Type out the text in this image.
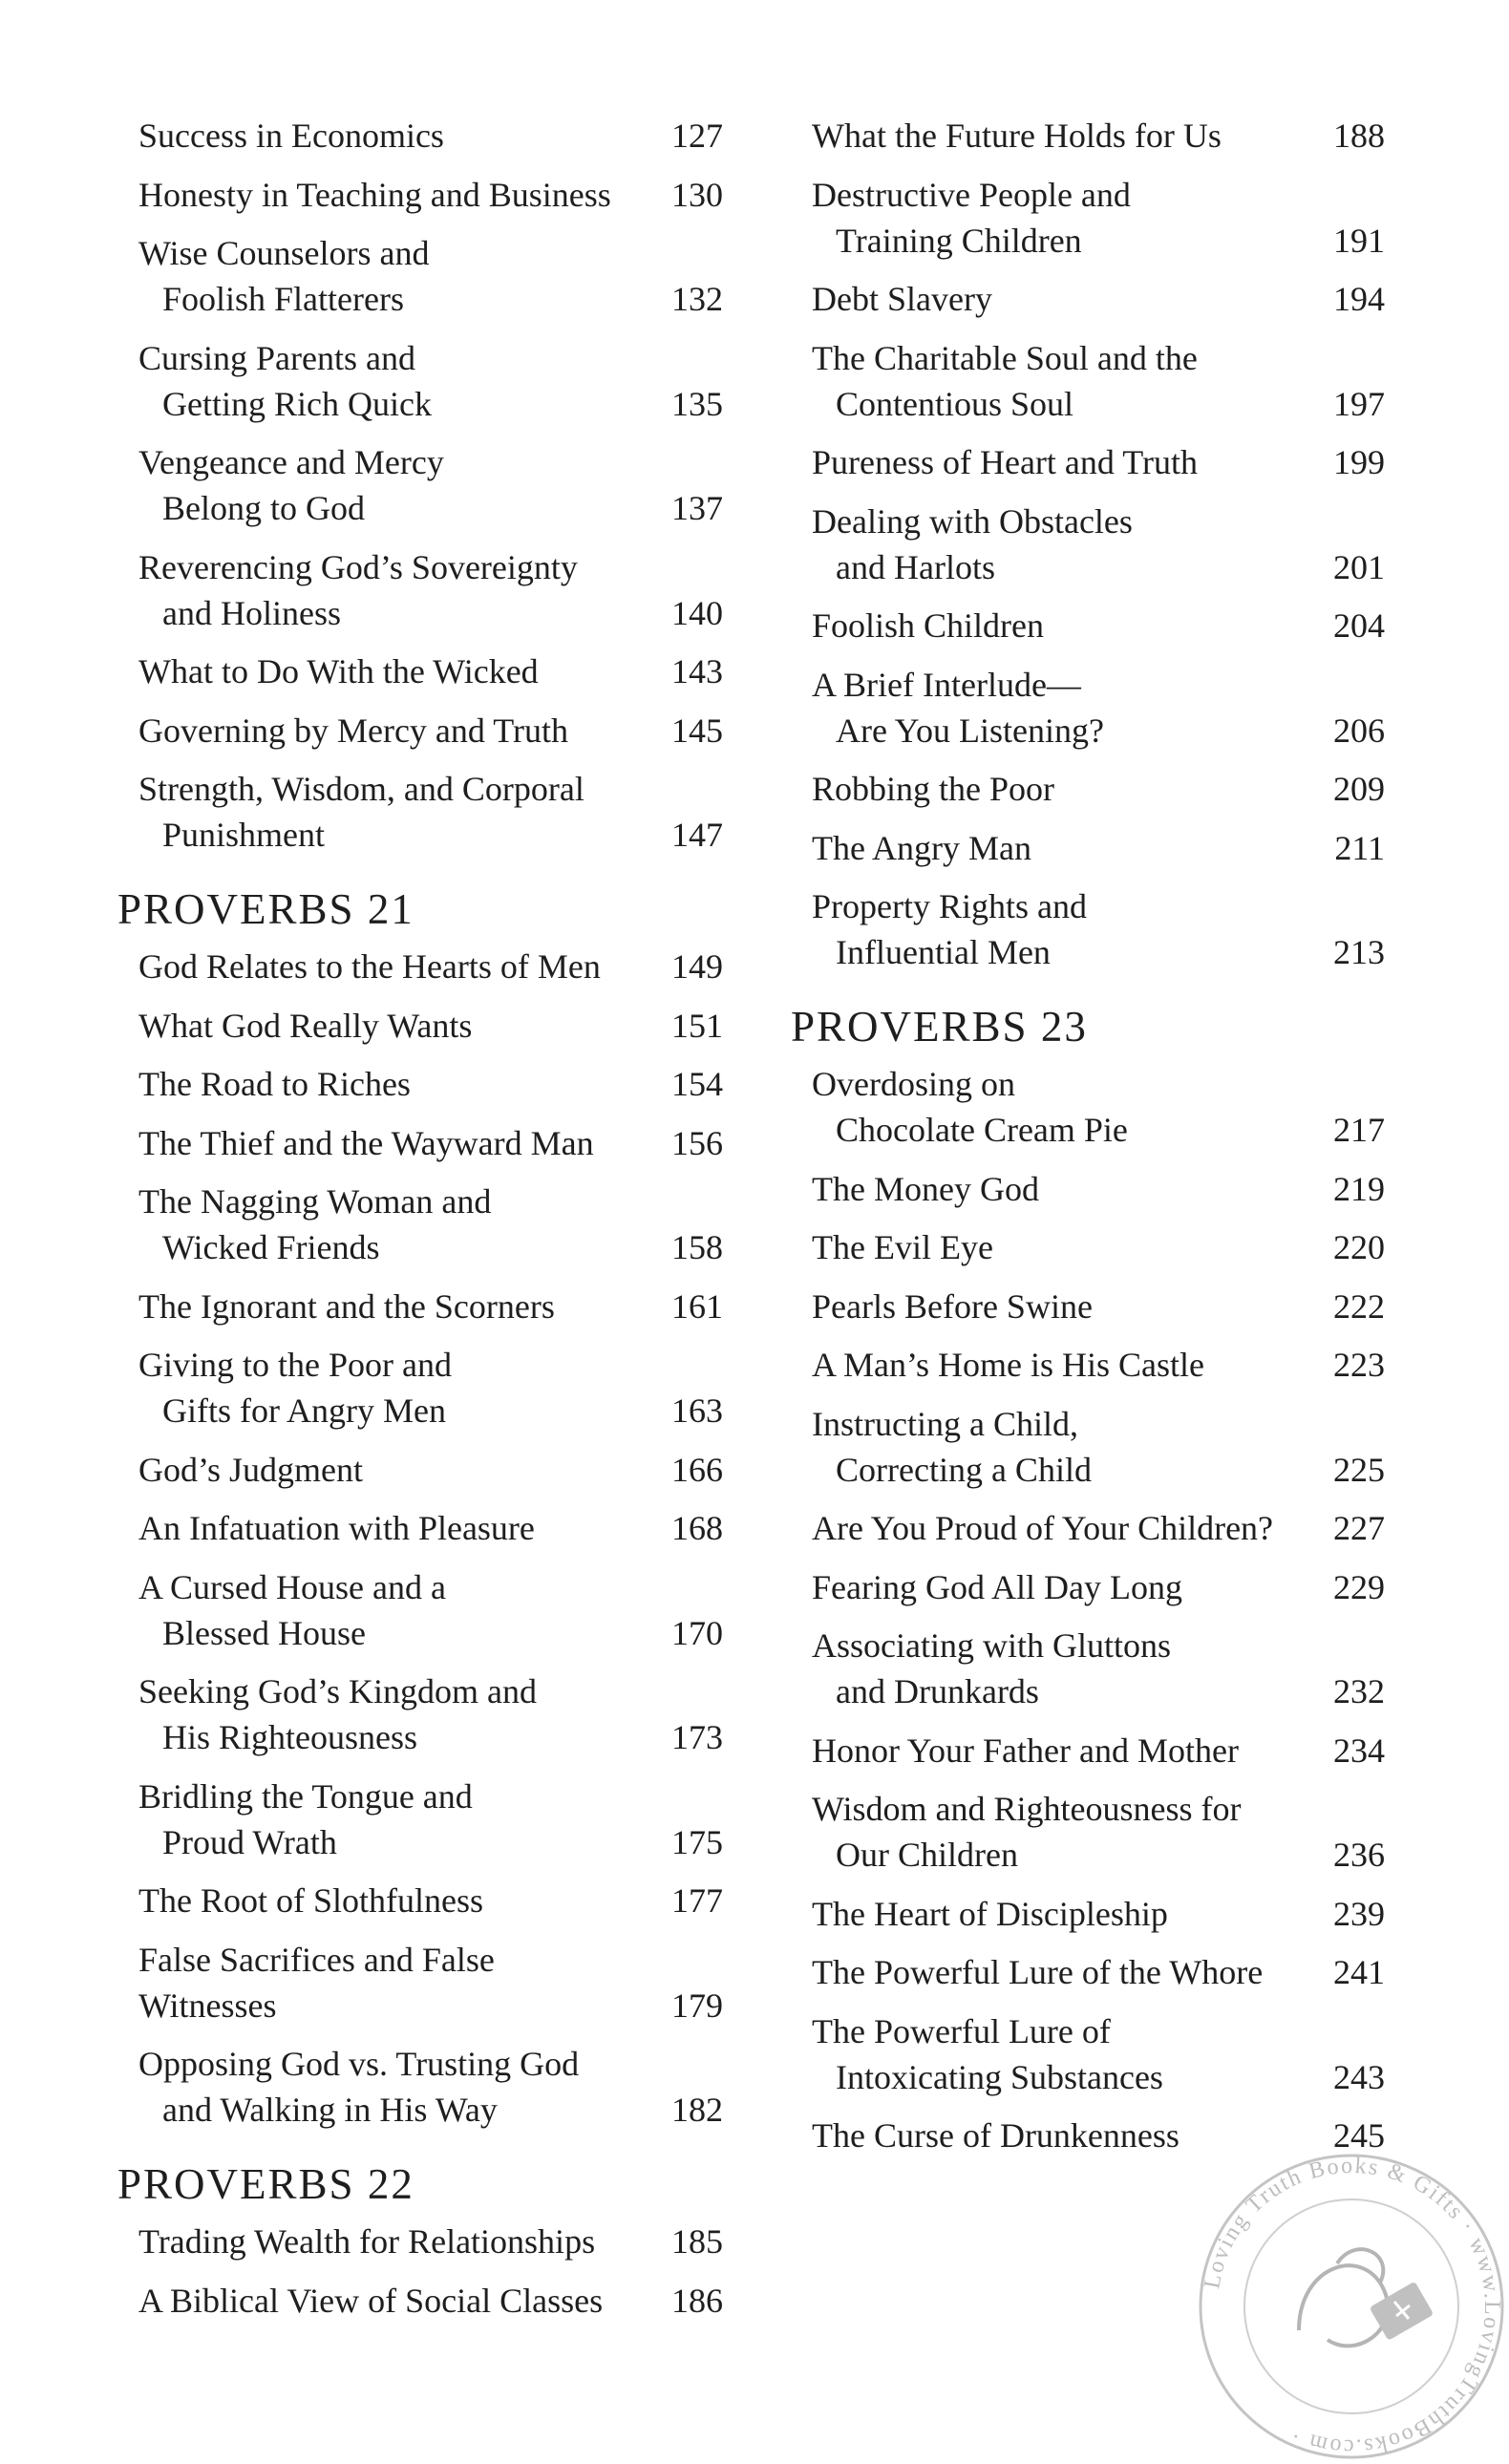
Success in Economics	127
Honesty in Teaching and Business	130
Wise Counselors and
Foolish Flatterers	132
Cursing Parents and
Getting Rich Quick	135
Vengeance and Mercy
Belong to God	137
Reverencing God’s Sovereignty
and Holiness	140
What to Do With the Wicked	143
Governing by Mercy and Truth	145
Strength, Wisdom, and Corporal
Punishment	147
PROVERBS 21
God Relates to the Hearts of Men	149
What God Really Wants	151
The Road to Riches	154
The Thief and the Wayward Man	156
The Nagging Woman and
Wicked Friends	158
The Ignorant and the Scorners	161
Giving to the Poor and
Gifts for Angry Men	163
God’s Judgment	166
An Infatuation with Pleasure	168
A Cursed House and a
Blessed House	170
Seeking God’s Kingdom and
His Righteousness	173
Bridling the Tongue and
Proud Wrath	175
The Root of Slothfulness	177
False Sacrifices and False Witnesses	179
Opposing God vs. Trusting God
and Walking in His Way	182
PROVERBS 22
Trading Wealth for Relationships	185
A Biblical View of Social Classes	186
What the Future Holds for Us	188
Destructive People and
Training Children	191
Debt Slavery	194
The Charitable Soul and the
Contentious Soul	197
Pureness of Heart and Truth	199
Dealing with Obstacles
and Harlots	201
Foolish Children	204
A Brief Interlude—
Are You Listening?	206
Robbing the Poor	209
The Angry Man	211
Property Rights and
Influential Men	213
PROVERBS 23
Overdosing on
Chocolate Cream Pie	217
The Money God	219
The Evil Eye	220
Pearls Before Swine	222
A Man’s Home is His Castle	223
Instructing a Child,
Correcting a Child	225
Are You Proud of Your Children?	227
Fearing God All Day Long	229
Associating with Gluttons
and Drunkards	232
Honor Your Father and Mother	234
Wisdom and Righteousness for
Our Children	236
The Heart of Discipleship	239
The Powerful Lure of the Whore	241
The Powerful Lure of
Intoxicating Substances	243
The Curse of Drunkenness	245
Loving Truth Books & Gifts · www.LovingTruthBooks.com ·
